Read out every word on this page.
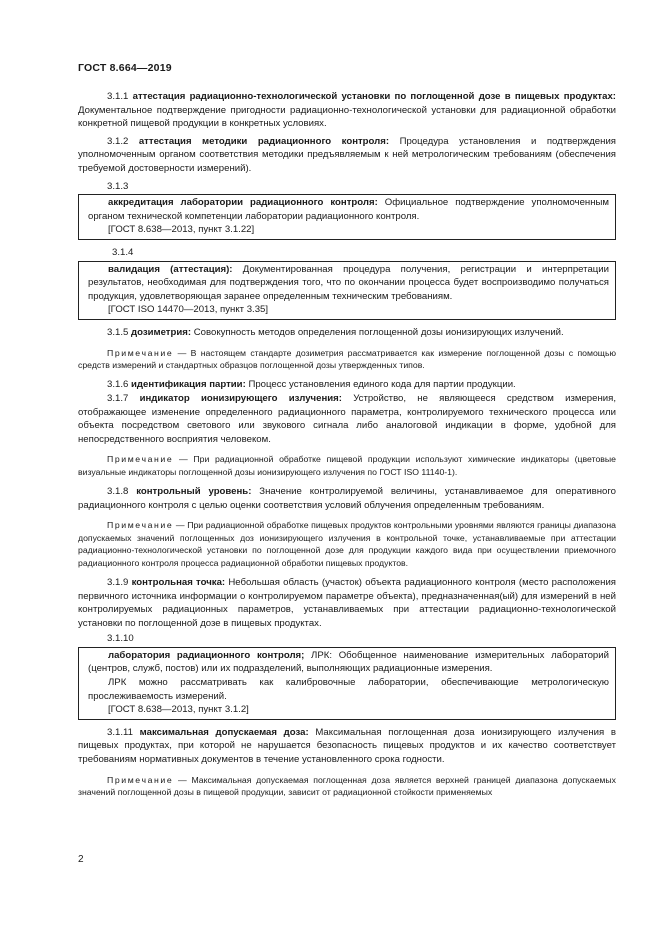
ГОСТ 8.664—2019

3.1.1 аттестация радиационно-технологической установки по поглощенной дозе в пищевых продуктах: Документальное подтверждение пригодности радиационно-технологической установки для радиационной обработки конкретной пищевой продукции в конкретных условиях.

3.1.2 аттестация методики радиационного контроля: Процедура установления и подтверждения уполномоченным органом соответствия методики предъявляемым к ней метрологическим требованиям (обеспечения требуемой достоверности измерений).

3.1.3

аккредитация лаборатории радиационного контроля: Официальное подтверждение уполномоченным органом технической компетенции лаборатории радиационного контроля.

[ГОСТ 8.638—2013, пункт 3.1.22]

3.1.4

валидация (аттестация): Документированная процедура получения, регистрации и интерпретации результатов, необходимая для подтверждения того, что по окончании процесса будет воспроизводимо получаться продукция, удовлетворяющая заранее определенным техническим требованиям.

[ГОСТ ISO 14470—2013, пункт 3.35]

3.1.5 дозиметрия: Совокупность методов определения поглощенной дозы ионизирующих излучений.

Примечание — В настоящем стандарте дозиметрия рассматривается как измерение поглощенной дозы с помощью средств измерений и стандартных образцов поглощенной дозы утвержденных типов.

3.1.6 идентификация партии: Процесс установления единого кода для партии продукции.

3.1.7 индикатор ионизирующего излучения: Устройство, не являющееся средством измерения, отображающее изменение определенного радиационного параметра, контролируемого технического процесса или объекта посредством светового или звукового сигнала либо аналоговой индикации в форме, удобной для непосредственного восприятия человеком.

Примечание — При радиационной обработке пищевой продукции используют химические индикаторы (цветовые визуальные индикаторы поглощенной дозы ионизирующего излучения по ГОСТ ISO 11140-1).

3.1.8 контрольный уровень: Значение контролируемой величины, устанавливаемое для оперативного радиационного контроля с целью оценки соответствия условий облучения определенным требованиям.

Примечание — При радиационной обработке пищевых продуктов контрольными уровнями являются границы диапазона допускаемых значений поглощенных доз ионизирующего излучения в контрольной точке, устанавливаемые при аттестации радиационно-технологической установки по поглощенной дозе для продукции каждого вида при осуществлении приемочного радиационного контроля процесса радиационной обработки пищевых продуктов.

3.1.9 контрольная точка: Небольшая область (участок) объекта радиационного контроля (место расположения первичного источника информации о контролируемом параметре объекта), предназначенная(ый) для измерений в ней контролируемых радиационных параметров, устанавливаемых при аттестации радиационно-технологической установки по поглощенной дозе в пищевых продуктах.

3.1.10

лаборатория радиационного контроля; ЛРК: Обобщенное наименование измерительных лабораторий (центров, служб, постов) или их подразделений, выполняющих радиационные измерения.

ЛРК можно рассматривать как калибровочные лаборатории, обеспечивающие метрологическую прослеживаемость измерений.

[ГОСТ 8.638—2013, пункт 3.1.2]

3.1.11 максимальная допускаемая доза: Максимальная поглощенная доза ионизирующего излучения в пищевых продуктах, при которой не нарушается безопасность пищевых продуктов и их качество соответствует требованиям нормативных документов в течение установленного срока годности.

Примечание — Максимальная допускаемая поглощенная доза является верхней границей диапазона допускаемых значений поглощенной дозы в пищевой продукции, зависит от радиационной стойкости применяемых

2
